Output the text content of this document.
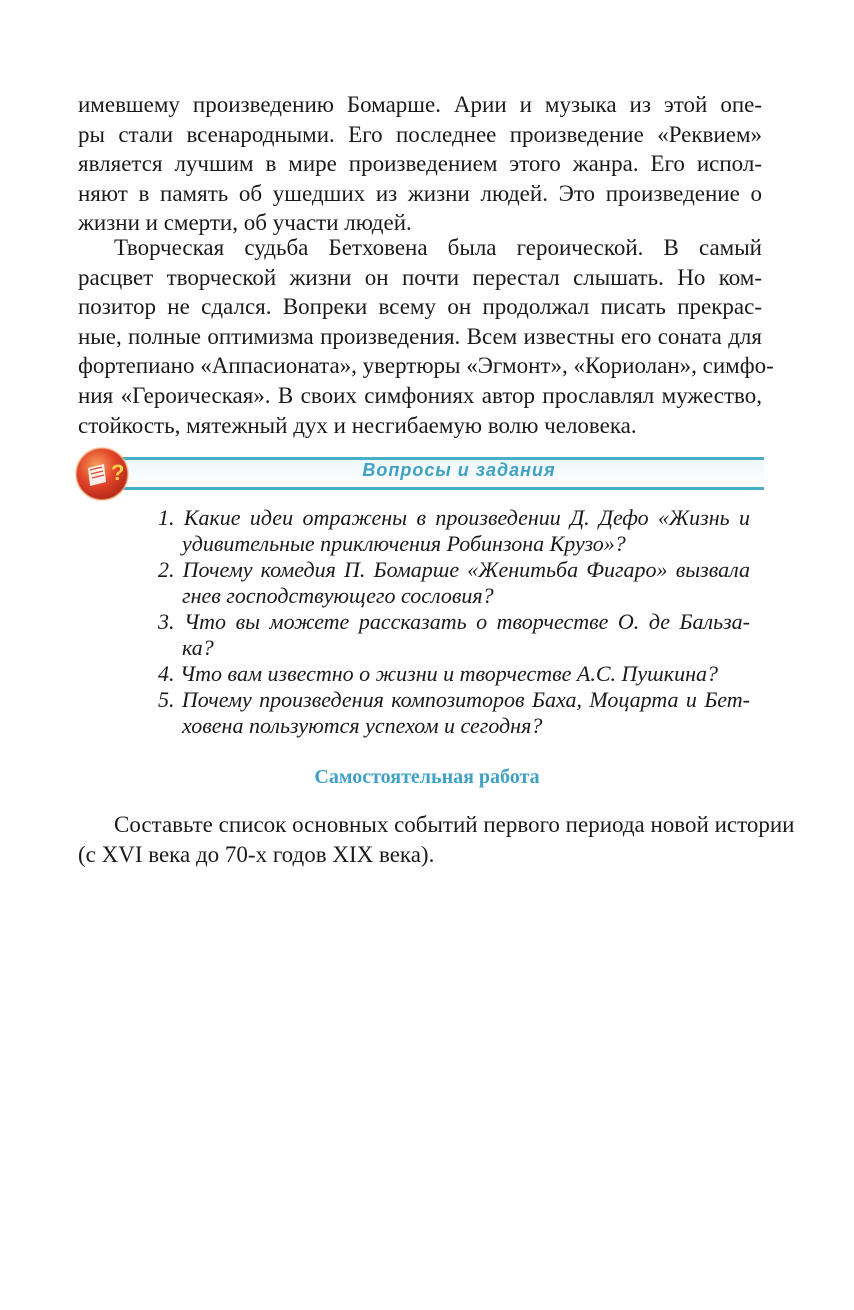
имевшему произведению Бомарше. Арии и музыка из этой опе-
ры стали всенародными. Его последнее произведение «Реквием»
является лучшим в мире произведением этого жанра. Его испол-
няют в память об ушедших из жизни людей. Это произведение о
жизни и смерти, об участи людей.

Творческая судьба Бетховена была героической. В самый
расцвет творческой жизни он почти перестал слышать. Но ком-
позитор не сдался. Вопреки всему он продолжал писать прекрас-
ные, полные оптимизма произведения. Всем известны его соната для
фортепиано «Аппасионата», увертюры «Эгмонт», «Кориолан», симфо-
ния «Героическая». В своих симфониях автор прославлял мужество,
стойкость, мятежный дух и несгибаемую волю человека.

?	Вопросы и задания
1. Какие идеи отражены в произведении Д. Дефо «Жизнь и
удивительные приключения Робинзона Крузо»?
2. Почему комедия П. Бомарше «Женитьба Фигаро» вызвала
гнев господствующего сословия?
3. Что вы можете рассказать о творчестве О. де Бальза-
ка?
4. Что вам известно о жизни и творчестве А.С. Пушкина?
5. Почему произведения композиторов Баха, Моцарта и Бет-
ховена пользуются успехом и сегодня?
Самостоятельная работа

Составьте список основных событий первого периода новой истории
(с XVI века до 70-х годов XIX века).
